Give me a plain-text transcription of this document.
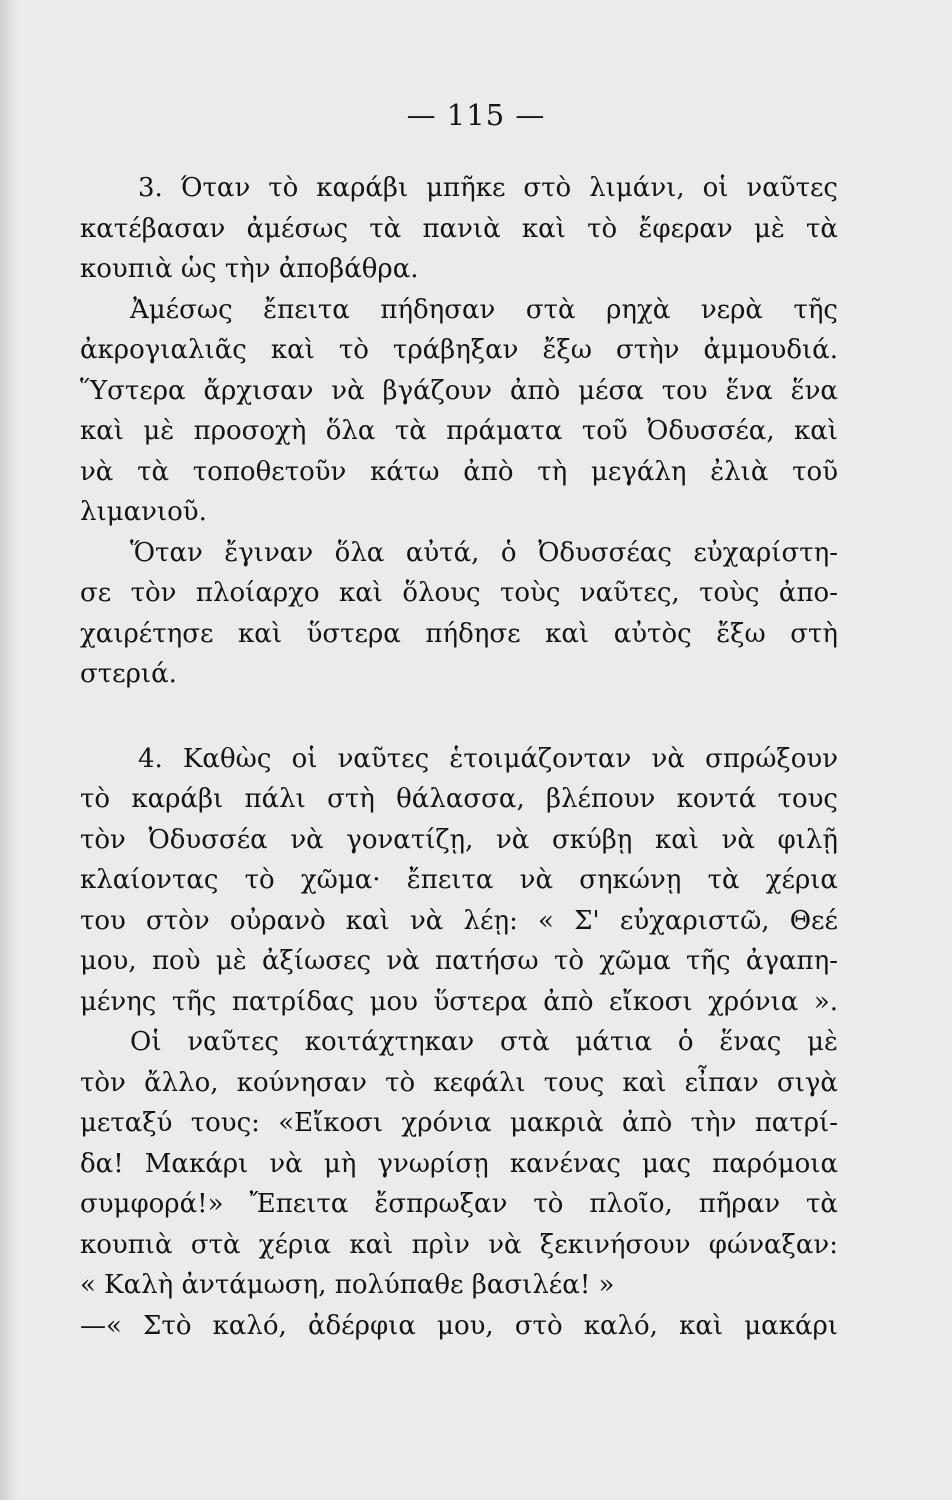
— 115 —
3. Όταν τὸ καράβι μπῆκε στὸ λιμάνι, οἱ ναῦτες
κατέβασαν ἀμέσως τὰ πανιὰ καὶ τὸ ἔφεραν μὲ τὰ
κουπιὰ ὡς τὴν ἀποβάθρα.
Ἀμέσως ἔπειτα πήδησαν στὰ ρηχὰ νερὰ τῆς
ἀκρογιαλιᾶς καὶ τὸ τράβηξαν ἔξω στὴν ἀμμουδιά.
Ὕστερα ἄρχισαν νὰ βγάζουν ἀπὸ μέσα του ἕνα ἕνα
καὶ μὲ προσοχὴ ὅλα τὰ πράματα τοῦ Ὀδυσσέα, καὶ
νὰ τὰ τοποθετοῦν κάτω ἀπὸ τὴ μεγάλη ἐλιὰ τοῦ
λιμανιοῦ.
Ὅταν ἔγιναν ὅλα αὐτά, ὁ Ὀδυσσέας εὐχαρίστη-
σε τὸν πλοίαρχο καὶ ὅλους τοὺς ναῦτες, τοὺς ἀπο-
χαιρέτησε καὶ ὕστερα πήδησε καὶ αὐτὸς ἔξω στὴ
στεριά.
4. Καθὼς οἱ ναῦτες ἑτοιμάζονταν νὰ σπρώξουν
τὸ καράβι πάλι στὴ θάλασσα, βλέπουν κοντά τους
τὸν Ὀδυσσέα νὰ γονατίζῃ, νὰ σκύβῃ καὶ νὰ φιλῇ
κλαίοντας τὸ χῶμα· ἔπειτα νὰ σηκώνῃ τὰ χέρια
του στὸν οὐρανὸ καὶ νὰ λέῃ: « Σ' εὐχαριστῶ, Θεέ
μου, ποὺ μὲ ἀξίωσες νὰ πατήσω τὸ χῶμα τῆς ἀγαπη-
μένης τῆς πατρίδας μου ὕστερα ἀπὸ εἴκοσι χρόνια ».
Οἱ ναῦτες κοιτάχτηκαν στὰ μάτια ὁ ἕνας μὲ
τὸν ἄλλο, κούνησαν τὸ κεφάλι τους καὶ εἶπαν σιγὰ
μεταξύ τους: «Εἴκοσι χρόνια μακριὰ ἀπὸ τὴν πατρί-
δα! Μακάρι νὰ μὴ γνωρίσῃ κανένας μας παρόμοια
συμφορά!» Ἔπειτα ἔσπρωξαν τὸ πλοῖο, πῆραν τὰ
κουπιὰ στὰ χέρια καὶ πρὶν νὰ ξεκινήσουν φώναξαν:
« Καλὴ ἀντάμωση, πολύπαθε βασιλέα! »
—« Στὸ καλό, ἀδέρφια μου, στὸ καλό, καὶ μακάρι
